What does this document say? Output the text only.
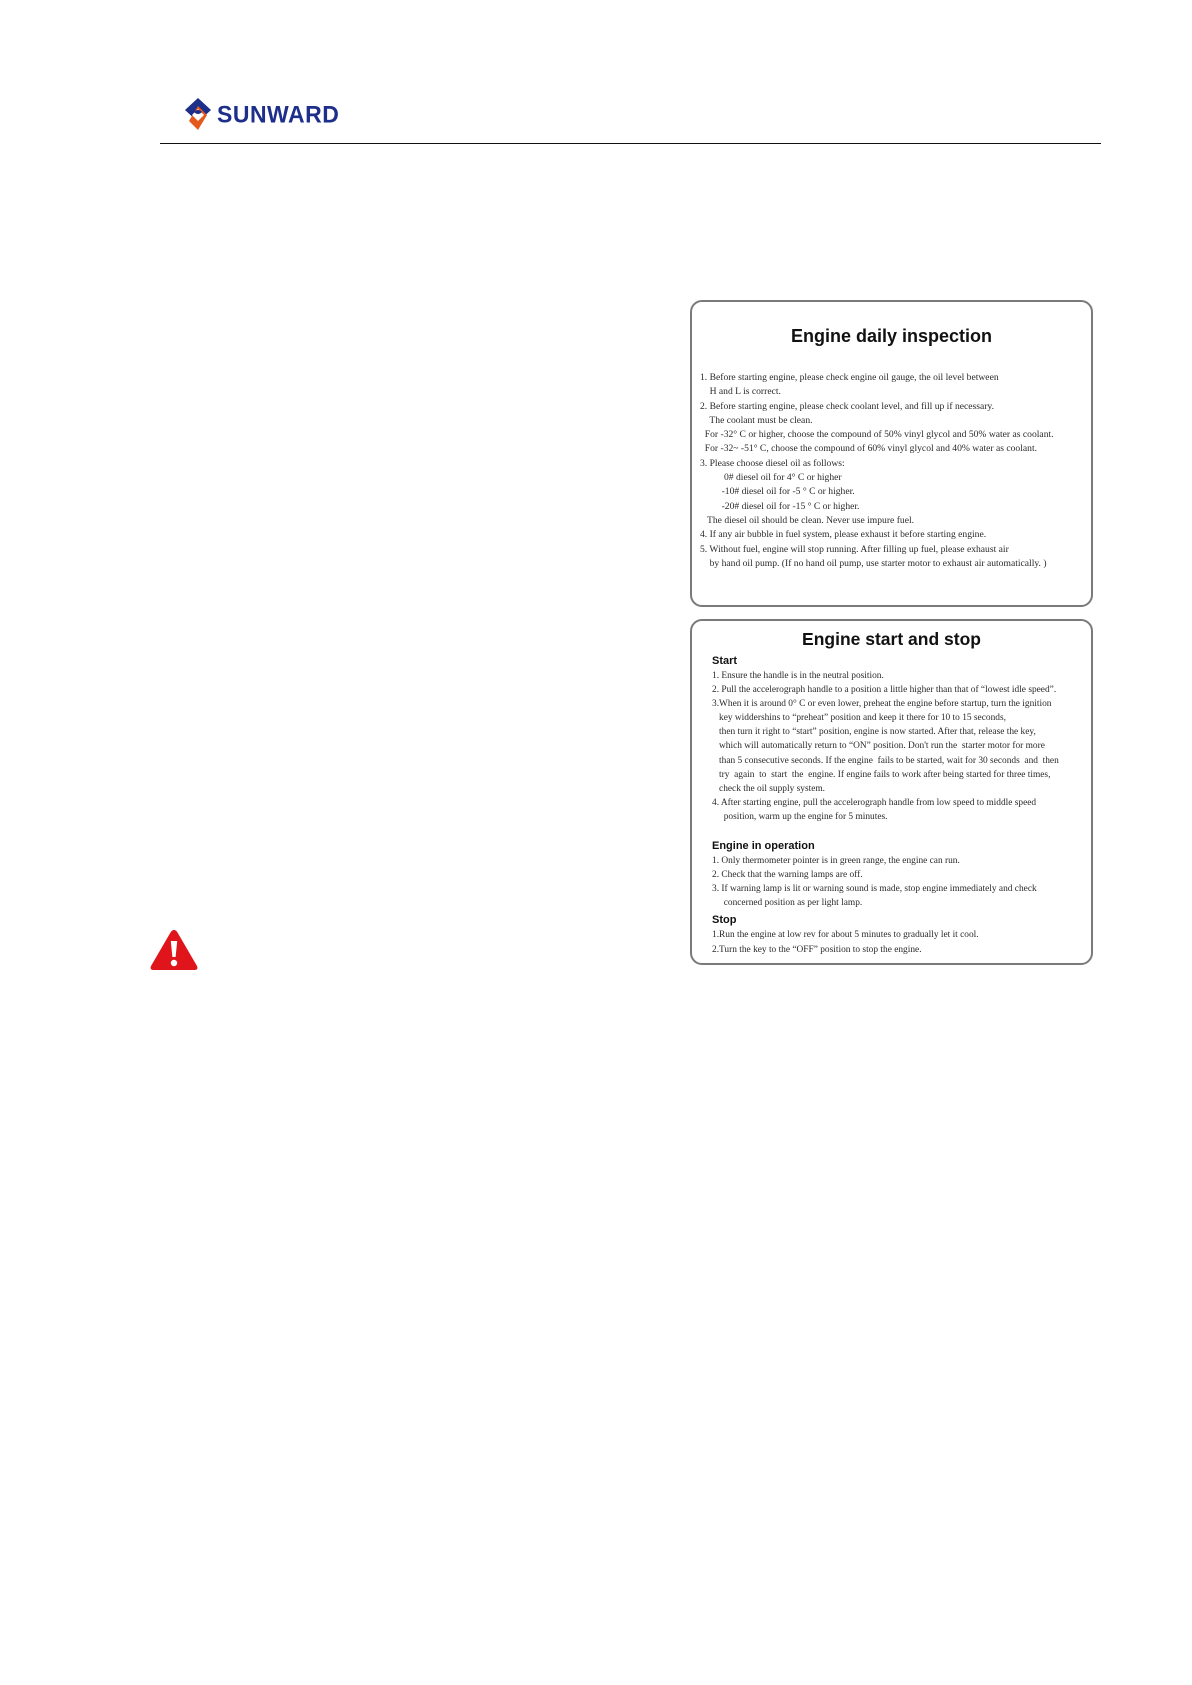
SUNWARD
Engine daily inspection
1. Before starting engine, please check engine oil gauge, the oil level between
H and L is correct.
2. Before starting engine, please check coolant level, and fill up if necessary.
The coolant must be clean.
For -32° C or higher, choose the compound of 50% vinyl glycol and 50% water as coolant.
For -32~ -51° C, choose the compound of 60% vinyl glycol and 40% water as coolant.
3. Please choose diesel oil as follows:
0# diesel oil for 4° C or higher
-10# diesel oil for -5 ° C or higher.
-20# diesel oil for -15 ° C or higher.
The diesel oil should be clean. Never use impure fuel.
4. If any air bubble in fuel system, please exhaust it before starting engine.
5. Without fuel, engine will stop running. After filling up fuel, please exhaust air
by hand oil pump. (If no hand oil pump, use starter motor to exhaust air automatically. )
Engine start and stop
Start
1. Ensure the handle is in the neutral position.
2. Pull the accelerograph handle to a position a little higher than that of “lowest idle speed”.
3.When it is around 0° C or even lower, preheat the engine before startup, turn the ignition
key widdershins to “preheat” position and keep it there for 10 to 15 seconds,
then turn it right to “start” position, engine is now started. After that, release the key,
which will automatically return to “ON” position. Don't run the  starter motor for more
than 5 consecutive seconds. If the engine  fails to be started, wait for 30 seconds  and  then
try  again  to  start  the  engine. If engine fails to work after being started for three times,
check the oil supply system.
4. After starting engine, pull the accelerograph handle from low speed to middle speed
position, warm up the engine for 5 minutes.
Engine in operation
1. Only thermometer pointer is in green range, the engine can run.
2. Check that the warning lamps are off.
3. If warning lamp is lit or warning sound is made, stop engine immediately and check
concerned position as per light lamp.
Stop
1.Run the engine at low rev for about 5 minutes to gradually let it cool.
2.Turn the key to the “OFF” position to stop the engine.
